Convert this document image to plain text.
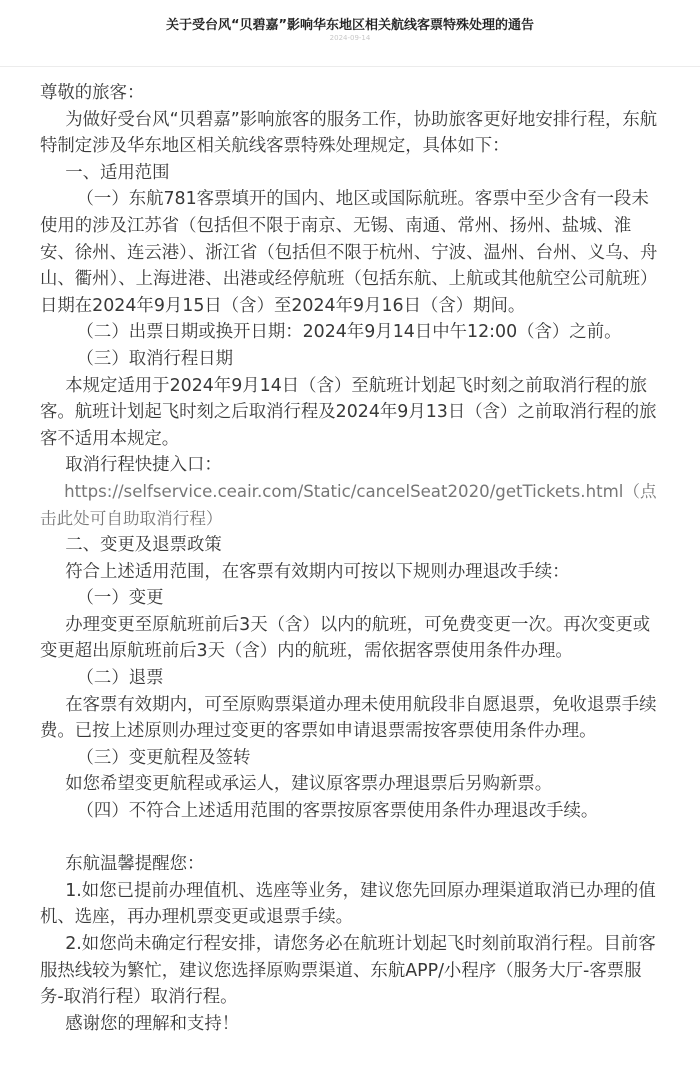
关于受台风“贝碧嘉”影响华东地区相关航线客票特殊处理的通告
2024-09-14

尊敬的旅客：

为做好受台风“贝碧嘉”影响旅客的服务工作，协助旅客更好地安排行程，东航特制定涉及华东地区相关航线客票特殊处理规定，具体如下：

一、适用范围

（一）东航781客票填开的国内、地区或国际航班。客票中至少含有一段未使用的涉及江苏省（包括但不限于南京、无锡、南通、常州、扬州、盐城、淮安、徐州、连云港）、浙江省（包括但不限于杭州、宁波、温州、台州、义乌、舟山、衢州）、上海进港、出港或经停航班（包括东航、上航或其他航空公司航班）日期在2024年9月15日（含）至2024年9月16日（含）期间。

（二）出票日期或换开日期：2024年9月14日中午12:00（含）之前。

（三）取消行程日期

本规定适用于2024年9月14日（含）至航班计划起飞时刻之前取消行程的旅客。航班计划起飞时刻之后取消行程及2024年9月13日（含）之前取消行程的旅客不适用本规定。

取消行程快捷入口：

https://selfservice.ceair.com/Static/cancelSeat2020/getTickets.html（点击此处可自助取消行程）

二、变更及退票政策

符合上述适用范围，在客票有效期内可按以下规则办理退改手续：

（一）变更

办理变更至原航班前后3天（含）以内的航班，可免费变更一次。再次变更或变更超出原航班前后3天（含）内的航班，需依据客票使用条件办理。

（二）退票

在客票有效期内，可至原购票渠道办理未使用航段非自愿退票，免收退票手续费。已按上述原则办理过变更的客票如申请退票需按客票使用条件办理。

（三）变更航程及签转

如您希望变更航程或承运人，建议原客票办理退票后另购新票。

（四）不符合上述适用范围的客票按原客票使用条件办理退改手续。

东航温馨提醒您：

1.如您已提前办理值机、选座等业务，建议您先回原办理渠道取消已办理的值机、选座，再办理机票变更或退票手续。

2.如您尚未确定行程安排，请您务必在航班计划起飞时刻前取消行程。目前客服热线较为繁忙，建议您选择原购票渠道、东航APP/小程序（服务大厅-客票服务-取消行程）取消行程。

感谢您的理解和支持！
